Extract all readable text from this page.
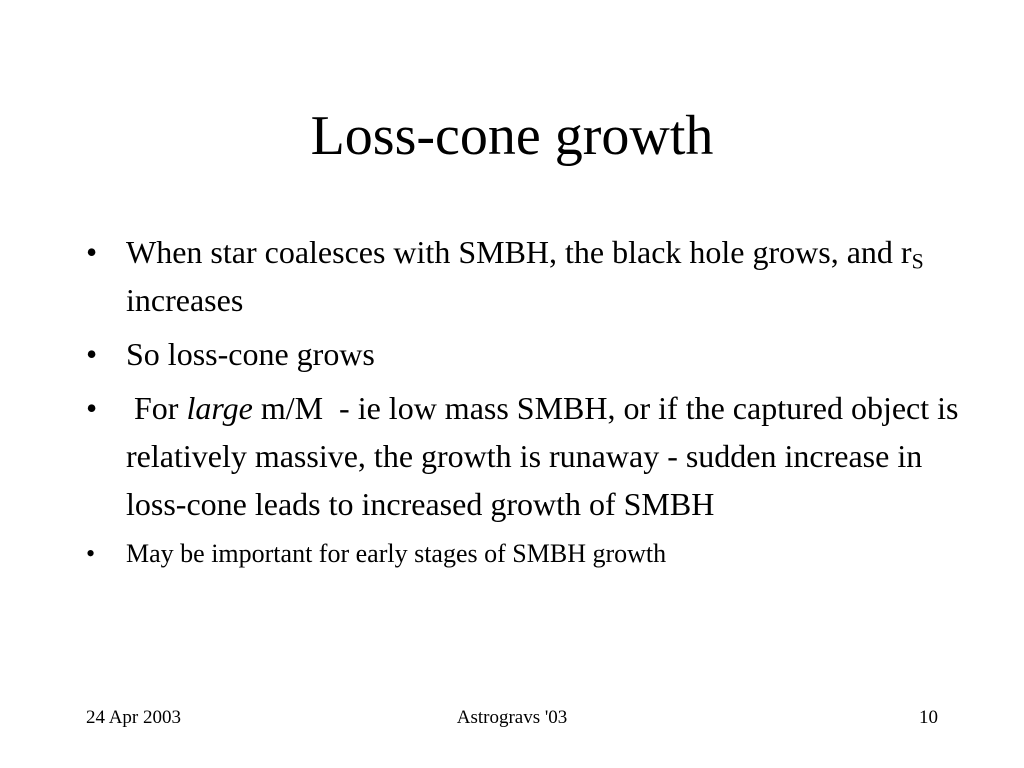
Loss-cone growth
• When star coalesces with SMBH, the black hole grows, and $r_S$ increases
• So loss-cone grows
• For large m/M  - ie low mass SMBH, or if the captured object is relatively massive, the growth is runaway - sudden increase in loss-cone leads to increased growth of SMBH
•	May be important for early stages of SMBH growth
24 Apr 2003	Astrogravs '03	10
